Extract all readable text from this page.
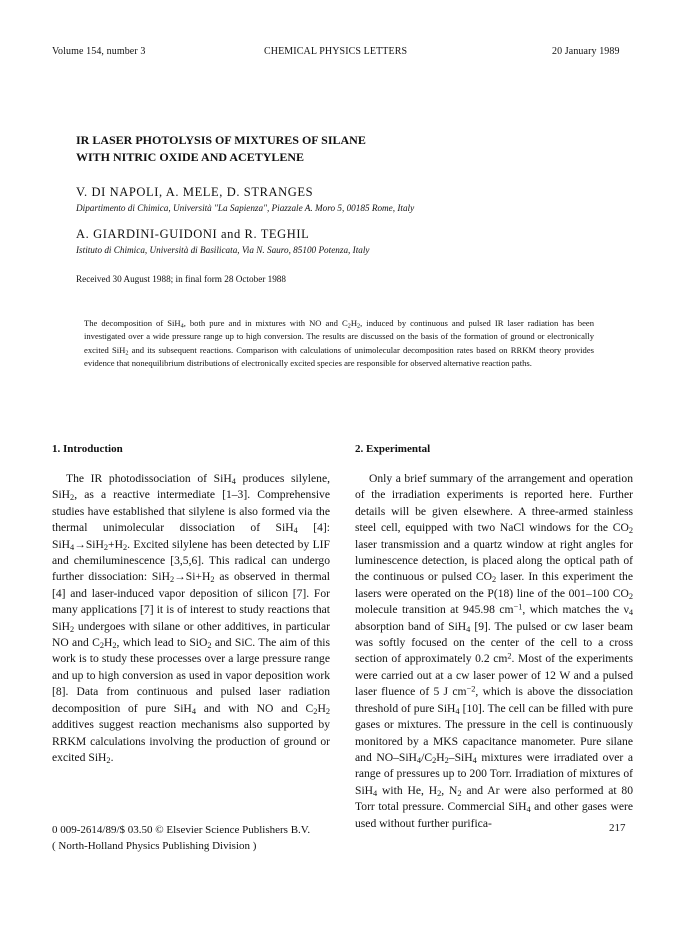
Volume 154, number 3	CHEMICAL PHYSICS LETTERS	20 January 1989
IR LASER PHOTOLYSIS OF MIXTURES OF SILANE
WITH NITRIC OXIDE AND ACETYLENE
V. DI NAPOLI, A. MELE, D. STRANGES
Dipartimento di Chimica, Università "La Sapienza", Piazzale A. Moro 5, 00185 Rome, Italy
A. GIARDINI-GUIDONI and R. TEGHIL
Istituto di Chimica, Università di Basilicata, Via N. Sauro, 85100 Potenza, Italy
Received 30 August 1988; in final form 28 October 1988
The decomposition of SiH$_4$, both pure and in mixtures with NO and $C_2H_2$, induced by continuous and pulsed IR laser radiation has been investigated over a wide pressure range up to high conversion. The results are discussed on the basis of the formation of ground or electronically excited SiH$_2$ and its subsequent reactions. Comparison with calculations of unimolecular decomposition rates based on RRKM theory provides evidence that nonequilibrium distributions of electronically excited species are responsible for observed alternative reaction paths.
1. Introduction	2. Experimental

The IR photodissociation of SiH$_4$ produces silylene, SiH$_2$, as a reactive intermediate [1–3]. Comprehensive studies have established that silylene is also formed via the thermal unimolecular dissociation of SiH$_4$ [4]: $SiH_4\to SiH_2+H_2$. Excited silylene has been detected by LIF and chemiluminescence [3,5,6]. This radical can undergo further dissociation: $SiH_2\to Si+H_2$ as observed in thermal [4] and laser-induced vapor deposition of silicon [7]. For many applications [7] it is of interest to study reactions that SiH$_2$ undergoes with silane or other additives, in particular NO and $C_2H_2$, which lead to SiO$_2$ and SiC. The aim of this work is to study these processes over a large pressure range and up to high conversion as used in vapor deposition work [8]. Data from continuous and pulsed laser radiation decomposition of pure SiH$_4$ and with NO and $C_2H_2$ additives suggest reaction mechanisms also supported by RRKM calculations involving the production of ground or excited SiH$_2$.

Only a brief summary of the arrangement and operation of the irradiation experiments is reported here. Further details will be given elsewhere. A three-armed stainless steel cell, equipped with two NaCl windows for the $CO_2$ laser transmission and a quartz window at right angles for luminescence detection, is placed along the optical path of the continuous or pulsed $CO_2$ laser. In this experiment the lasers were operated on the P(18) line of the 001–100 $CO_2$ molecule transition at 945.98 $cm^{-1}$, which matches the $\nu_4$ absorption band of SiH$_4$ [9]. The pulsed or cw laser beam was softly focused on the center of the cell to a cross section of approximately 0.2 $cm^2$. Most of the experiments were carried out at a cw laser power of 12 W and a pulsed laser fluence of 5 J $cm^{-2}$, which is above the dissociation threshold of pure SiH$_4$ [10]. The cell can be filled with pure gases or mixtures. The pressure in the cell is continuously monitored by a MKS capacitance manometer. Pure silane and $NO-SiH_4/C_2H_2-SiH_4$ mixtures were irradiated over a range of pressures up to 200 Torr. Irradiation of mixtures of SiH$_4$ with He, $H_2$, $N_2$ and Ar were also performed at 80 Torr total pressure. Commercial SiH$_4$ and other gases were used without further purifica-

0 009-2614/89/$ 03.50 © Elsevier Science Publishers B.V.
( North-Holland Physics Publishing Division )
217
